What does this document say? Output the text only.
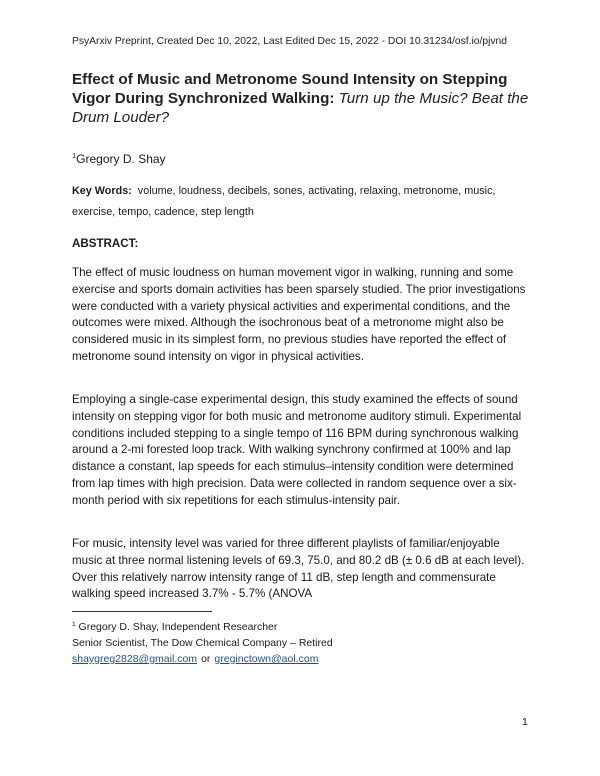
PsyArxiv Preprint, Created Dec 10, 2022, Last Edited Dec 15, 2022 - DOI 10.31234/osf.io/pjvnd
Effect of Music and Metronome Sound Intensity on Stepping Vigor During Synchronized Walking: Turn up the Music? Beat the Drum Louder?
$^1$Gregory D. Shay
Key Words: volume, loudness, decibels, sones, activating, relaxing, metronome, music, exercise, tempo, cadence, step length
ABSTRACT:
The effect of music loudness on human movement vigor in walking, running and some exercise and sports domain activities has been sparsely studied. The prior investigations were conducted with a variety physical activities and experimental conditions, and the outcomes were mixed. Although the isochronous beat of a metronome might also be considered music in its simplest form, no previous studies have reported the effect of metronome sound intensity on vigor in physical activities.
Employing a single-case experimental design, this study examined the effects of sound intensity on stepping vigor for both music and metronome auditory stimuli. Experimental conditions included stepping to a single tempo of 116 BPM during synchronous walking around a 2-mi forested loop track. With walking synchrony confirmed at 100% and lap distance a constant, lap speeds for each stimulus–intensity condition were determined from lap times with high precision. Data were collected in random sequence over a six-month period with six repetitions for each stimulus-intensity pair.
For music, intensity level was varied for three different playlists of familiar/enjoyable music at three normal listening levels of 69.3, 75.0, and 80.2 dB (± 0.6 dB at each level). Over this relatively narrow intensity range of 11 dB, step length and commensurate walking speed increased 3.7% - 5.7% (ANOVA
$^1$ Gregory D. Shay, Independent Researcher
Senior Scientist, The Dow Chemical Company – Retired
shaygreg2828@gmail.com or greginctown@aol.com
1
